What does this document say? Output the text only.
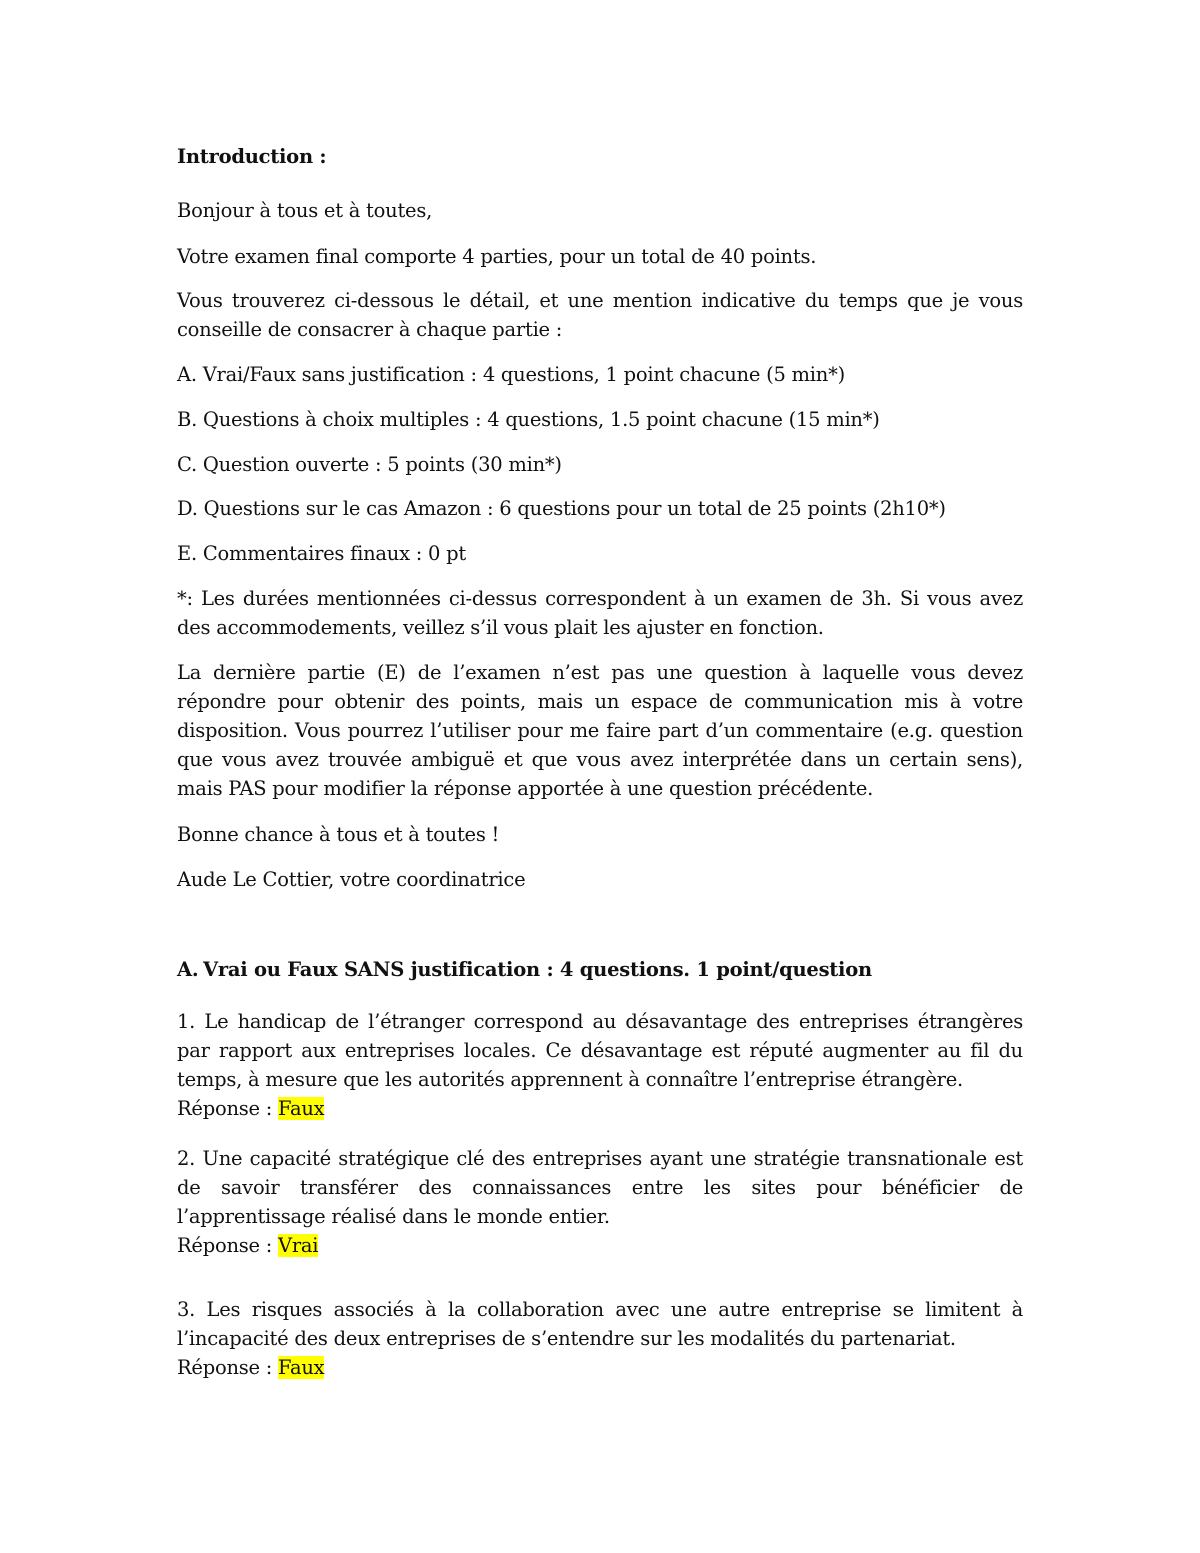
Introduction :

Bonjour à tous et à toutes,

Votre examen final comporte 4 parties, pour un total de 40 points.

Vous trouverez ci-dessous le détail, et une mention indicative du temps que je vous conseille de consacrer à chaque partie :

A. Vrai/Faux sans justification : 4 questions, 1 point chacune (5 min*)

B. Questions à choix multiples : 4 questions, 1.5 point chacune (15 min*)

C. Question ouverte : 5 points (30 min*)

D. Questions sur le cas Amazon : 6 questions pour un total de 25 points (2h10*)

E. Commentaires finaux : 0 pt

*: Les durées mentionnées ci-dessus correspondent à un examen de 3h. Si vous avez des accommodements, veillez s’il vous plait les ajuster en fonction.

La dernière partie (E) de l’examen n’est pas une question à laquelle vous devez répondre pour obtenir des points, mais un espace de communication mis à votre disposition. Vous pourrez l’utiliser pour me faire part d’un commentaire (e.g. question que vous avez trouvée ambiguë et que vous avez interprétée dans un certain sens), mais PAS pour modifier la réponse apportée à une question précédente.

Bonne chance à tous et à toutes !

Aude Le Cottier, votre coordinatrice

A. Vrai ou Faux SANS justification : 4 questions. 1 point/question

1. Le handicap de l’étranger correspond au désavantage des entreprises étrangères par rapport aux entreprises locales. Ce désavantage est réputé augmenter au fil du temps, à mesure que les autorités apprennent à connaître l’entreprise étrangère.
Réponse : Faux
2. Une capacité stratégique clé des entreprises ayant une stratégie transnationale est de savoir transférer des connaissances entre les sites pour bénéficier de l’apprentissage réalisé dans le monde entier.
Réponse : Vrai
3. Les risques associés à la collaboration avec une autre entreprise se limitent à l’incapacité des deux entreprises de s’entendre sur les modalités du partenariat.
Réponse : Faux
